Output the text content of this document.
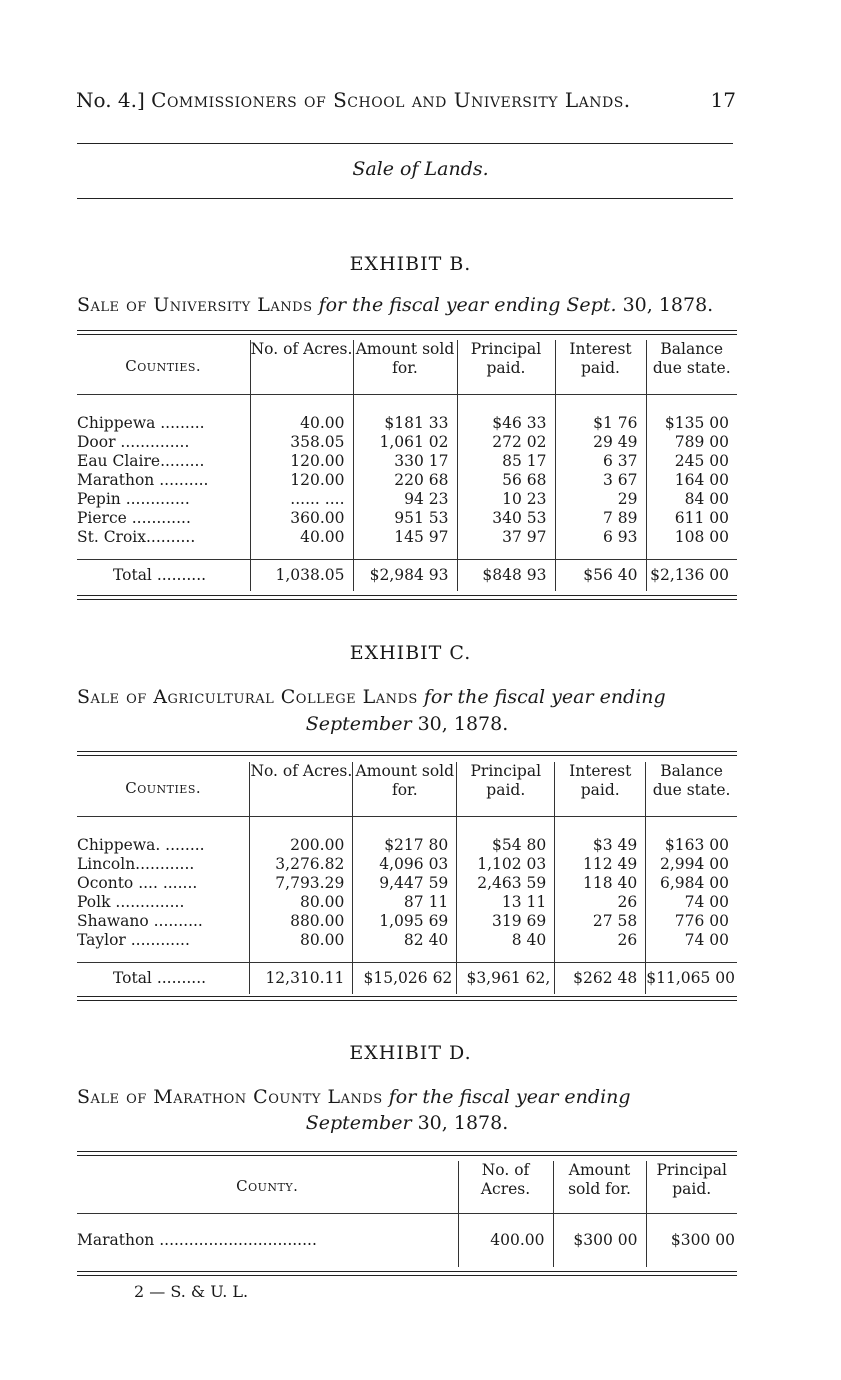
No. 4.] Commissioners of School and University Lands.	17
Sale of Lands.
EXHIBIT B.
Sale of University Lands for the fiscal year ending Sept. 30, 1878.
Counties.	No. of Acres.	Amount sold for.	Principal paid.	Interest paid.	Balance due state.

Chippewa .........	40.00	$181 33	$46 33	$1 76	$135 00
Door ..............	358.05	1,061 02	272 02	29 49	789 00
Eau Claire.........	120.00	330 17	85 17	6 37	245 00
Marathon ..........	120.00	220 68	56 68	3 67	164 00
Pepin .............	...... ....	94 23	10 23	29	84 00
Pierce ............	360.00	951 53	340 53	7 89	611 00
St. Croix..........	40.00	145 97	37 97	6 93	108 00

Total ..........	1,038.05	$2,984 93	$848 93	$56 40	$2,136 00
EXHIBIT C.
Sale of Agricultural College Lands for the fiscal year ending
September 30, 1878.
Counties.	No. of Acres.	Amount sold for.	Principal paid.	Interest paid.	Balance due state.

Chippewa. ........	200.00	$217 80	$54 80	$3 49	$163 00
Lincoln............	3,276.82	4,096 03	1,102 03	112 49	2,994 00
Oconto .... .......	7,793.29	9,447 59	2,463 59	118 40	6,984 00
Polk ..............	80.00	87 11	13 11	26	74 00
Shawano ..........	880.00	1,095 69	319 69	27 58	776 00
Taylor ............	80.00	82 40	8 40	26	74 00

Total ..........	12,310.11	$15,026 62	$3,961 62,	$262 48	$11,065 00
EXHIBIT D.
Sale of Marathon County Lands for the fiscal year ending
September 30, 1878.
County.	No. of Acres.	Amount sold for.	Principal paid.
Marathon ................................	400.00	$300 00	$300 00
2 — S. & U. L.
